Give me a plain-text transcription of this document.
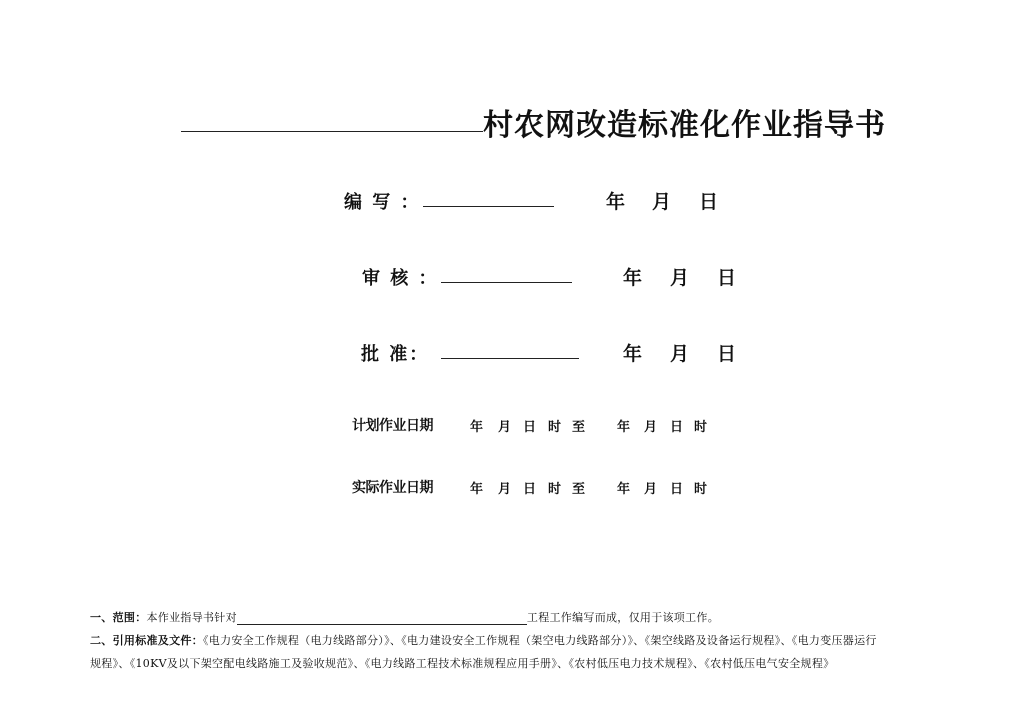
村农网改造标准化作业指导书
编 写 ：	年 月 日
审 核 ：	年 月 日
批 准：	年 月 日
计划作业日期	年 月 日 时 至 年 月 日 时
实际作业日期	年 月 日 时 至 年 月 日 时
一、范围：本作业指导书针对	工程工作编写而成，仅用于该项工作。
二、引用标准及文件：《电力安全工作规程（电力线路部分）》、《电力建设安全工作规程（架空电力线路部分）》、《架空线路及设备运行规程》、《电力变压器运行
规程》、《10KV及以下架空配电线路施工及验收规范》、《电力线路工程技术标准规程应用手册》、《农村低压电力技术规程》、《农村低压电气安全规程》
